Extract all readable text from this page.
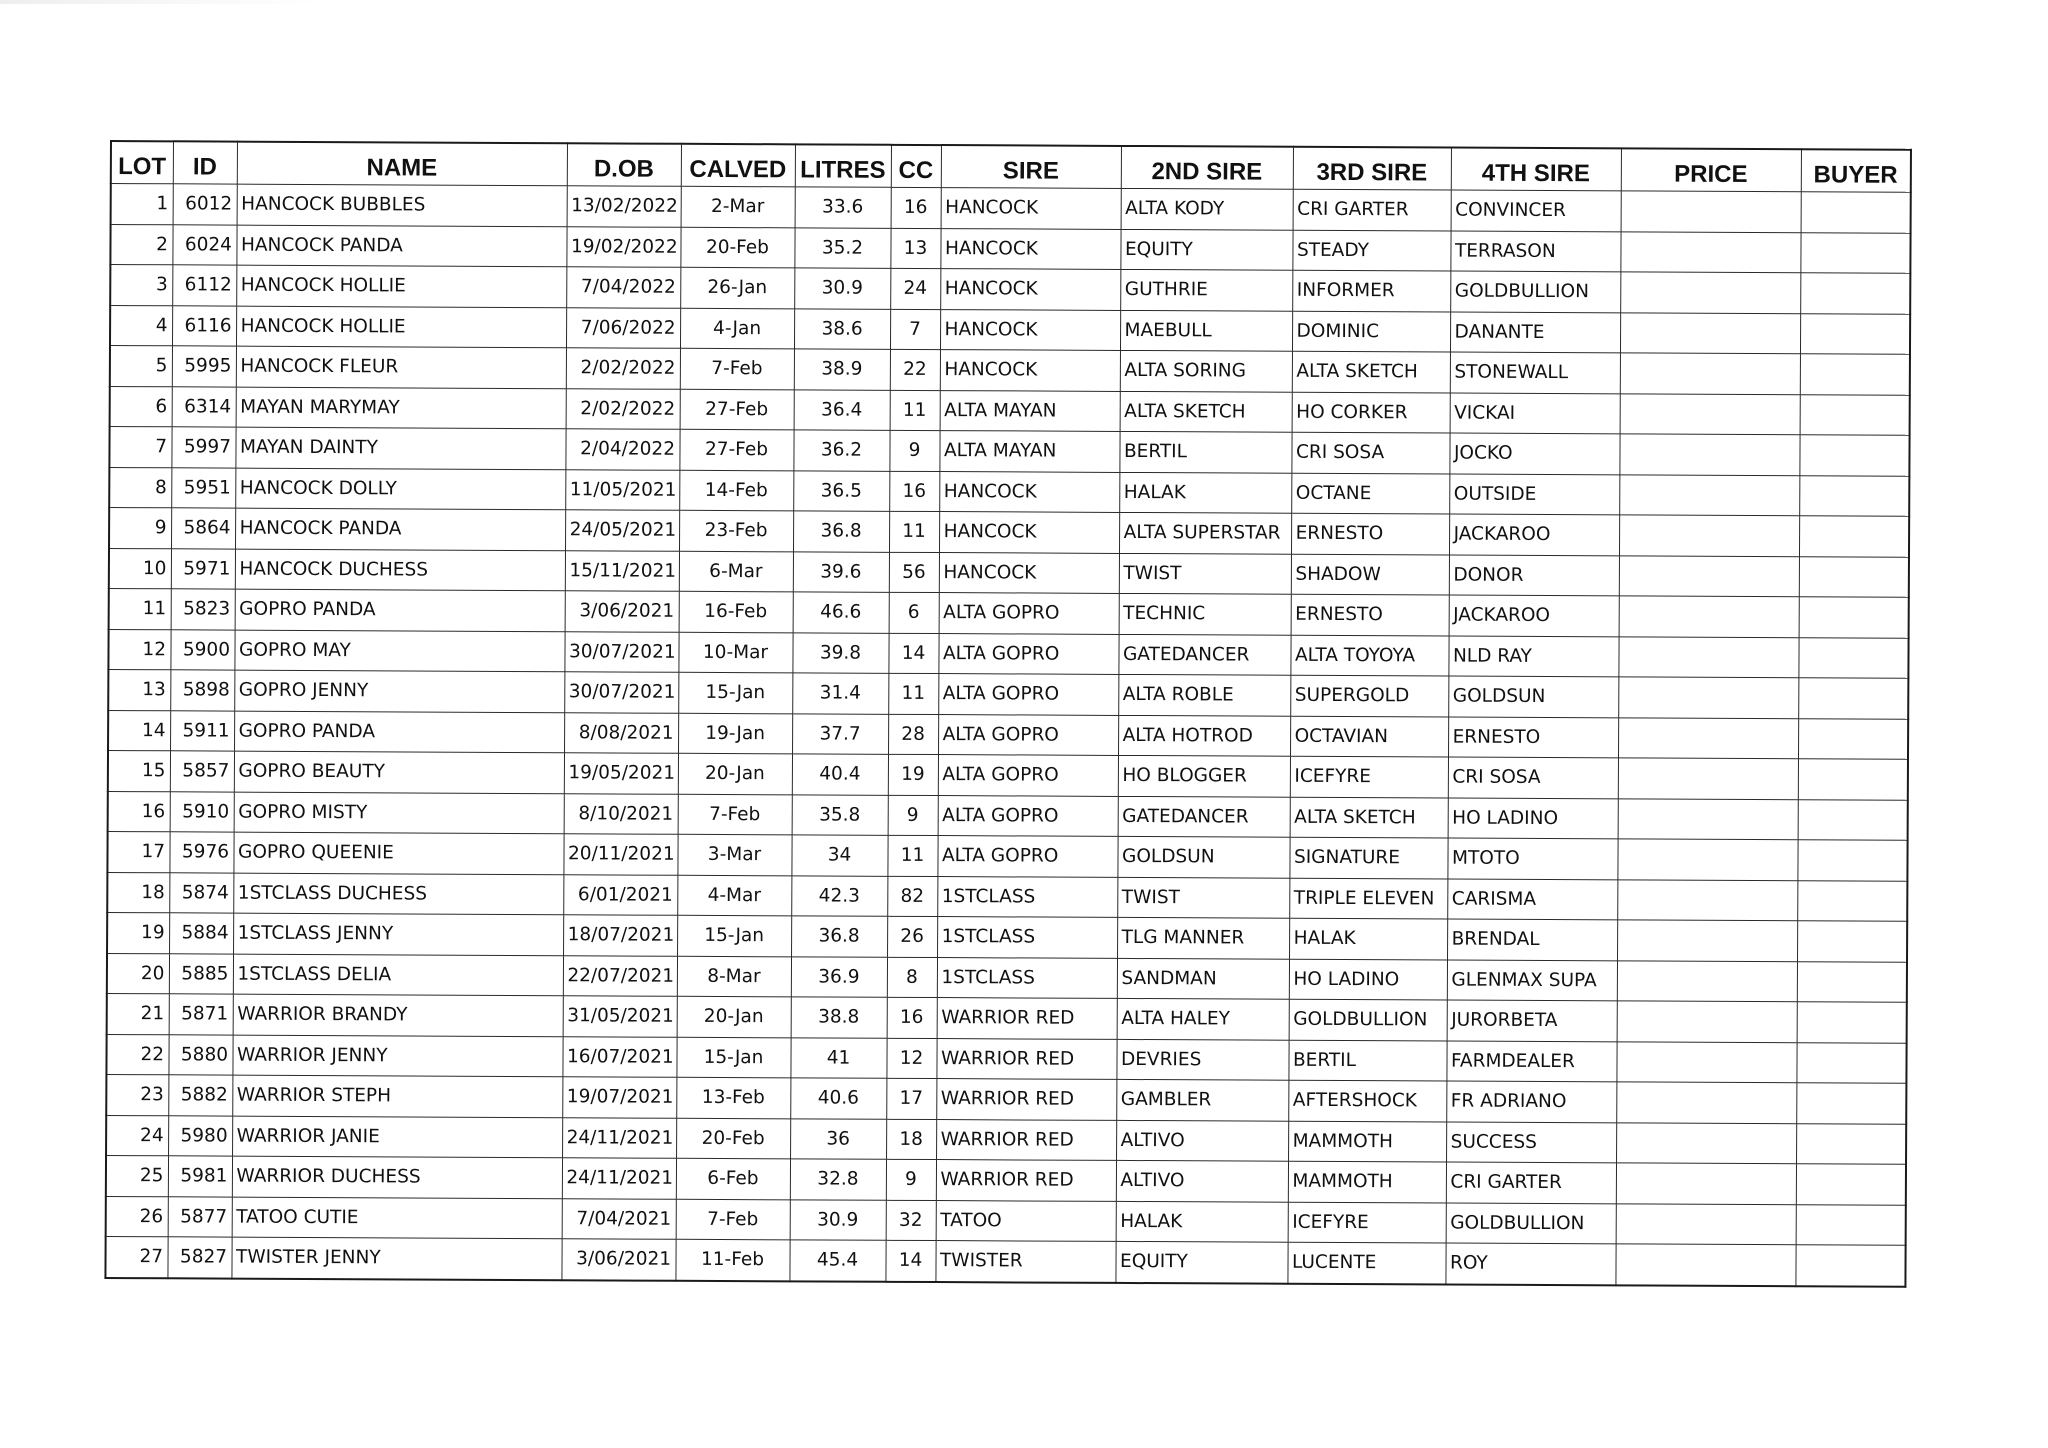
LOT	ID	NAME	D.OB	CALVED	LITRES	CC	SIRE	2ND SIRE	3RD SIRE	4TH SIRE	PRICE	BUYER
1	6012	HANCOCK BUBBLES	13/02/2022	2-Mar	33.6	16	HANCOCK	ALTA KODY	CRI GARTER	CONVINCER		
2	6024	HANCOCK PANDA	19/02/2022	20-Feb	35.2	13	HANCOCK	EQUITY	STEADY	TERRASON		
3	6112	HANCOCK HOLLIE	7/04/2022	26-Jan	30.9	24	HANCOCK	GUTHRIE	INFORMER	GOLDBULLION		
4	6116	HANCOCK HOLLIE	7/06/2022	4-Jan	38.6	7	HANCOCK	MAEBULL	DOMINIC	DANANTE		
5	5995	HANCOCK FLEUR	2/02/2022	7-Feb	38.9	22	HANCOCK	ALTA SORING	ALTA SKETCH	STONEWALL		
6	6314	MAYAN MARYMAY	2/02/2022	27-Feb	36.4	11	ALTA MAYAN	ALTA SKETCH	HO CORKER	VICKAI		
7	5997	MAYAN DAINTY	2/04/2022	27-Feb	36.2	9	ALTA MAYAN	BERTIL	CRI SOSA	JOCKO		
8	5951	HANCOCK DOLLY	11/05/2021	14-Feb	36.5	16	HANCOCK	HALAK	OCTANE	OUTSIDE		
9	5864	HANCOCK PANDA	24/05/2021	23-Feb	36.8	11	HANCOCK	ALTA SUPERSTAR	ERNESTO	JACKAROO		
10	5971	HANCOCK DUCHESS	15/11/2021	6-Mar	39.6	56	HANCOCK	TWIST	SHADOW	DONOR		
11	5823	GOPRO PANDA	3/06/2021	16-Feb	46.6	6	ALTA GOPRO	TECHNIC	ERNESTO	JACKAROO		
12	5900	GOPRO MAY	30/07/2021	10-Mar	39.8	14	ALTA GOPRO	GATEDANCER	ALTA TOYOYA	NLD RAY		
13	5898	GOPRO JENNY	30/07/2021	15-Jan	31.4	11	ALTA GOPRO	ALTA ROBLE	SUPERGOLD	GOLDSUN		
14	5911	GOPRO PANDA	8/08/2021	19-Jan	37.7	28	ALTA GOPRO	ALTA HOTROD	OCTAVIAN	ERNESTO		
15	5857	GOPRO BEAUTY	19/05/2021	20-Jan	40.4	19	ALTA GOPRO	HO BLOGGER	ICEFYRE	CRI SOSA		
16	5910	GOPRO MISTY	8/10/2021	7-Feb	35.8	9	ALTA GOPRO	GATEDANCER	ALTA SKETCH	HO LADINO		
17	5976	GOPRO QUEENIE	20/11/2021	3-Mar	34	11	ALTA GOPRO	GOLDSUN	SIGNATURE	MTOTO		
18	5874	1STCLASS DUCHESS	6/01/2021	4-Mar	42.3	82	1STCLASS	TWIST	TRIPLE ELEVEN	CARISMA		
19	5884	1STCLASS JENNY	18/07/2021	15-Jan	36.8	26	1STCLASS	TLG MANNER	HALAK	BRENDAL		
20	5885	1STCLASS DELIA	22/07/2021	8-Mar	36.9	8	1STCLASS	SANDMAN	HO LADINO	GLENMAX SUPA		
21	5871	WARRIOR BRANDY	31/05/2021	20-Jan	38.8	16	WARRIOR RED	ALTA HALEY	GOLDBULLION	JURORBETA		
22	5880	WARRIOR JENNY	16/07/2021	15-Jan	41	12	WARRIOR RED	DEVRIES	BERTIL	FARMDEALER		
23	5882	WARRIOR STEPH	19/07/2021	13-Feb	40.6	17	WARRIOR RED	GAMBLER	AFTERSHOCK	FR ADRIANO		
24	5980	WARRIOR JANIE	24/11/2021	20-Feb	36	18	WARRIOR RED	ALTIVO	MAMMOTH	SUCCESS		
25	5981	WARRIOR DUCHESS	24/11/2021	6-Feb	32.8	9	WARRIOR RED	ALTIVO	MAMMOTH	CRI GARTER		
26	5877	TATOO CUTIE	7/04/2021	7-Feb	30.9	32	TATOO	HALAK	ICEFYRE	GOLDBULLION		
27	5827	TWISTER JENNY	3/06/2021	11-Feb	45.4	14	TWISTER	EQUITY	LUCENTE	ROY		
